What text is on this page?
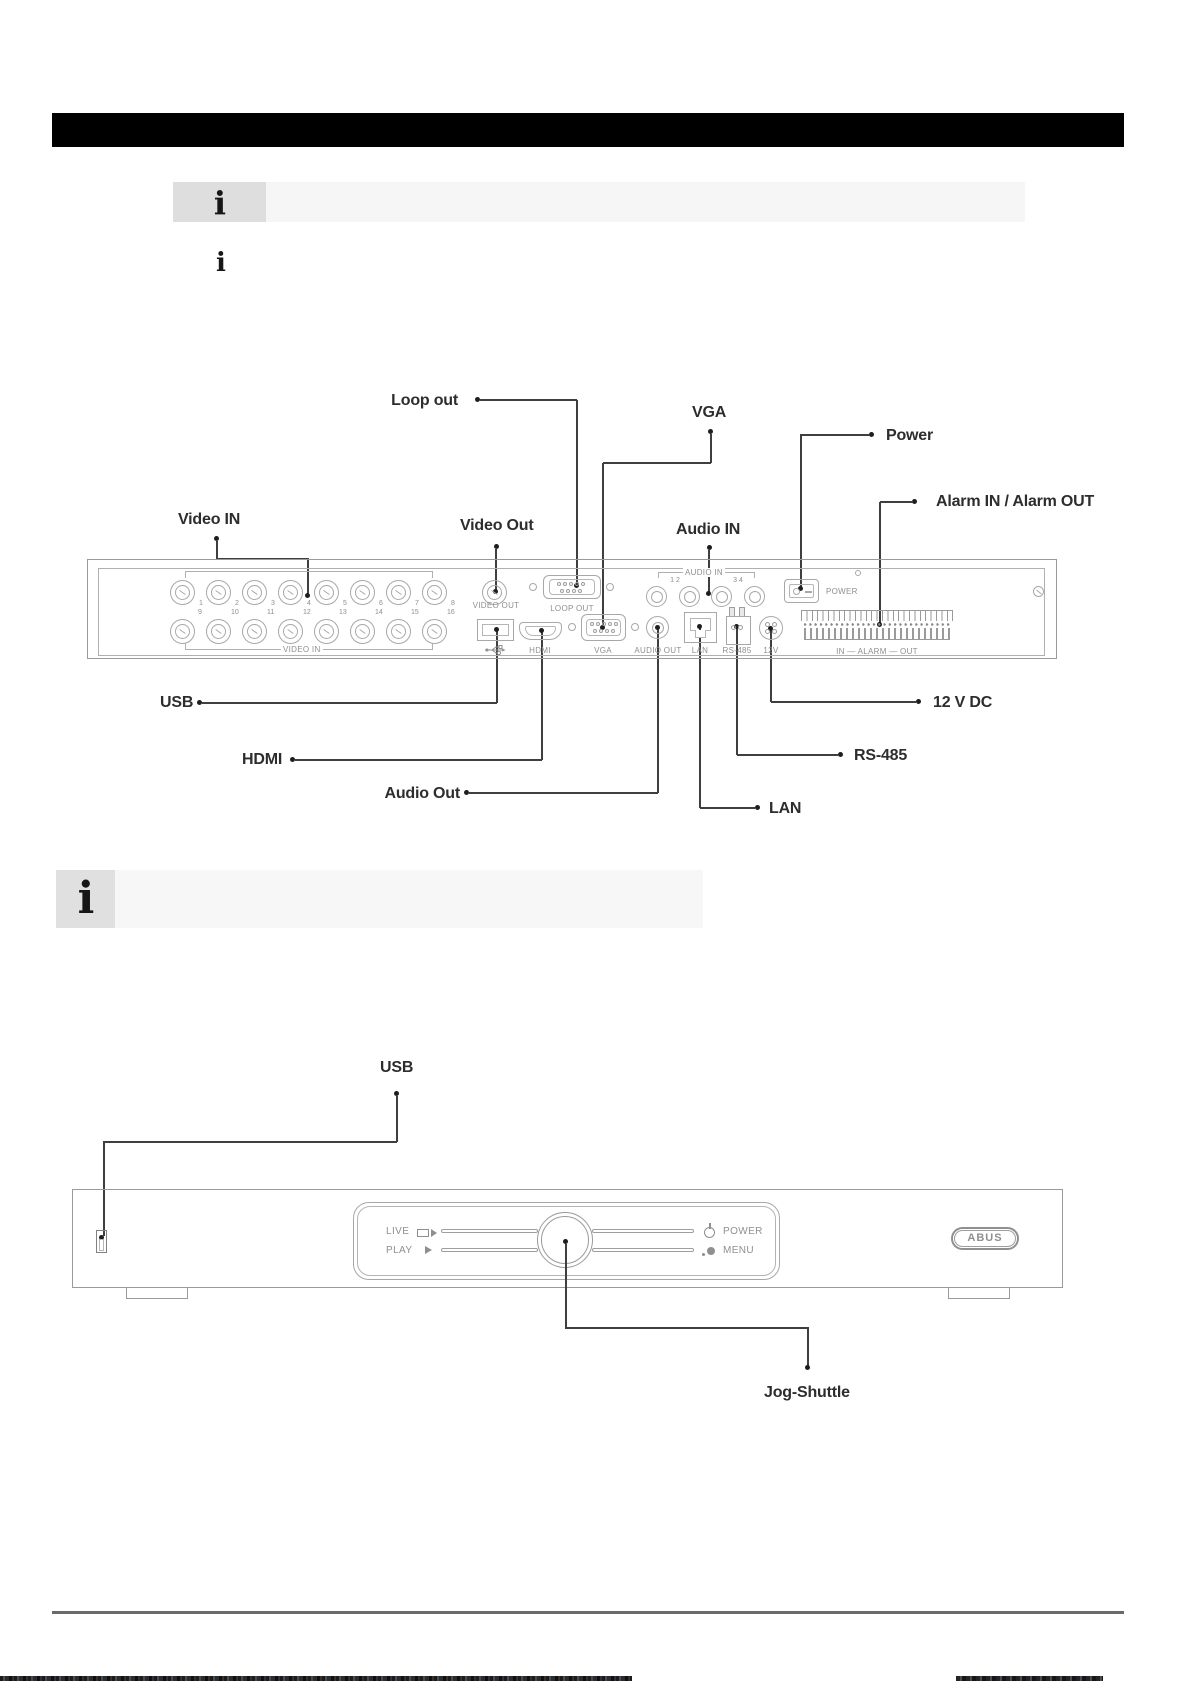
i
i
Loop out
VGA
Power
Alarm IN / Alarm OUT
Video IN	Video Out	Audio IN
USB
HDMI
Audio Out
12 V DC
RS-485
LAN
1	2	3	4	5	6	7	8
9	10	11	12	13	14	15	16
VIDEO IN
VIDEO OUT	LOOP OUT
AUDIO IN
1 2	3 4
POWER
IN — ALARM — OUT
HDMI	VGA	AUDIO OUT	LAN	RS-485	12V
i
USB
LIVE	POWER
PLAY	MENU
ABUS
Jog-Shuttle
